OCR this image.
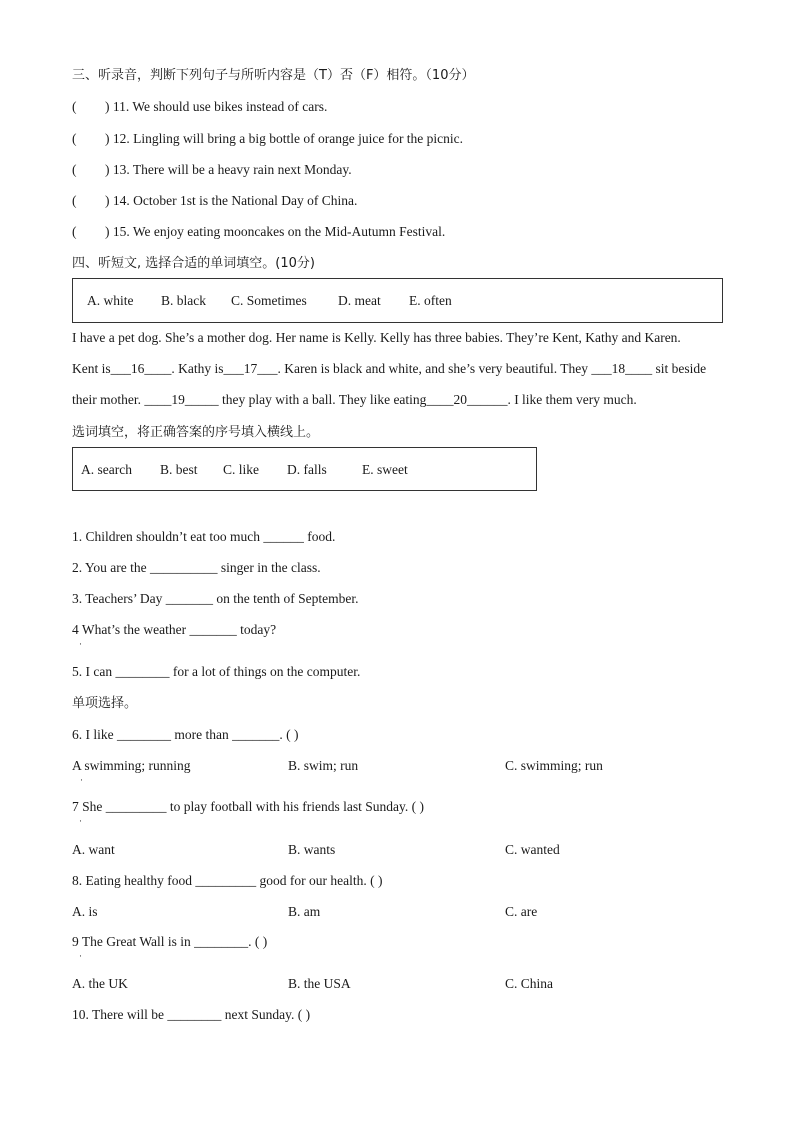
三、听录音，判断下列句子与所听内容是（T）否（F）相符。（10分）
( ) 11. We should use bikes instead of cars.
( ) 12. Lingling will bring a big bottle of orange juice for the picnic.
( ) 13. There will be a heavy rain next Monday.
( ) 14. October 1st is the National Day of China.
( ) 15. We enjoy eating mooncakes on the Mid-Autumn Festival.
四、听短文, 选择合适的单词填空。(10分)
A. white B. black C. Sometimes D. meat E. often
I have a pet dog. She’s a mother dog. Her name is Kelly. Kelly has three babies. They’re Kent, Kathy and Karen.
Kent is___16____. Kathy is___17___. Karen is black and white, and she’s very beautiful. They ___18____ sit beside
their mother. ____19_____ they play with a ball. They like eating____20______. I like them very much.
选词填空，将正确答案的序号填入横线上。
A. search B. best C. like D. falls	E. sweet
1. Children shouldn’t eat too much ______ food.
2. You are the __________ singer in the class.
3. Teachers’ Day _______ on the tenth of September.
4 What’s the weather _______ today?
·
5. I can ________ for a lot of things on the computer.
单项选择。
6. I like ________ more than _______. ( )
A swimming; running
·
B. swim; run	C. swimming; run
7 She _________ to play football with his friends last Sunday. ( )
·
A. want	B. wants	C. wanted
8. Eating healthy food _________ good for our health. ( )
A. is	B. am	C. are
9 The Great Wall is in ________. ( )
·
A. the UK	B. the USA	C. China
10. There will be ________ next Sunday. ( )
